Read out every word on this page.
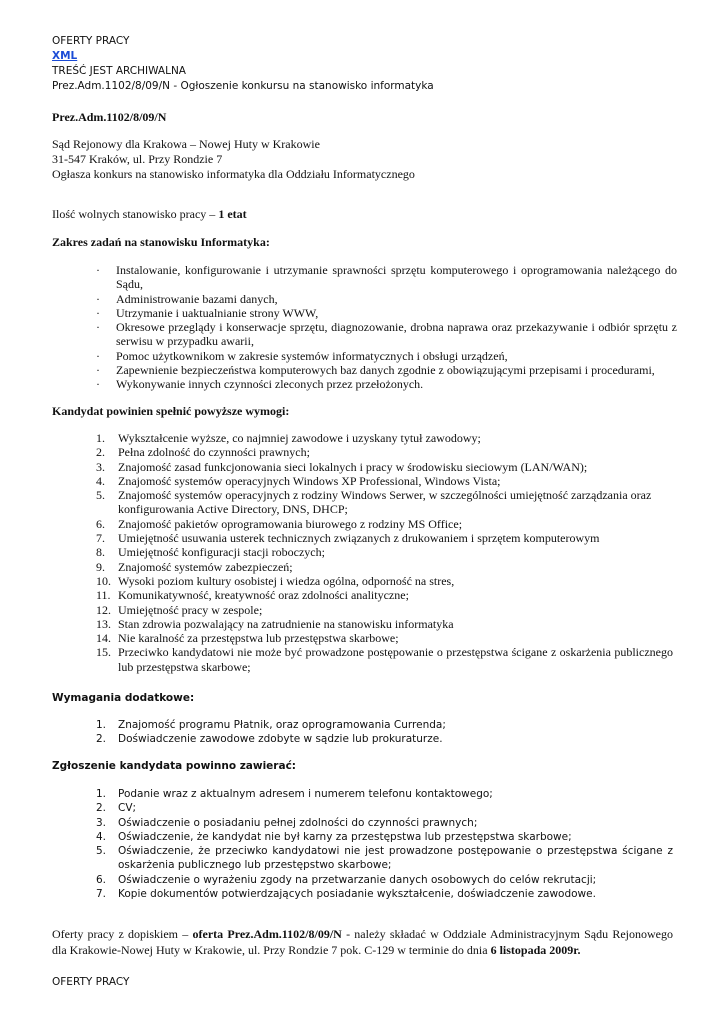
OFERTY PRACY

XML

TREŚĆ JEST ARCHIWALNA

Prez.Adm.1102/8/09/N - Ogłoszenie konkursu na stanowisko informatyka

Prez.Adm.1102/8/09/N
Sąd Rejonowy dla Krakowa – Nowej Huty w Krakowie
31-547 Kraków, ul. Przy Rondzie 7
Ogłasza konkurs na stanowisko informatyka dla Oddziału Informatycznego
Ilość wolnych stanowisko pracy – 1 etat
Zakres zadań na stanowisku Informatyka:
· Instalowanie, konfigurowanie i utrzymanie sprawności sprzętu komputerowego i oprogramowania należącego do Sądu,
· Administrowanie bazami danych,
· Utrzymanie i uaktualnianie strony WWW,
· Okresowe przeglądy i konserwacje sprzętu, diagnozowanie, drobna naprawa oraz przekazywanie i odbiór sprzętu z serwisu w przypadku awarii,
· Pomoc użytkownikom w zakresie systemów informatycznych i obsługi urządzeń,
· Zapewnienie bezpieczeństwa komputerowych baz danych zgodnie z obowiązującymi przepisami i procedurami,
· Wykonywanie innych czynności zleconych przez przełożonych.
Kandydat powinien spełnić powyższe wymogi:
1. Wykształcenie wyższe, co najmniej zawodowe i uzyskany tytuł zawodowy;
2. Pełna zdolność do czynności prawnych;
3. Znajomość zasad funkcjonowania sieci lokalnych i pracy w środowisku sieciowym (LAN/WAN);
4. Znajomość systemów operacyjnych Windows XP Professional, Windows Vista;
5. Znajomość systemów operacyjnych z rodziny Windows Serwer, w szczególności umiejętność zarządzania oraz konfigurowania Active Directory, DNS, DHCP;
6. Znajomość pakietów oprogramowania biurowego z rodziny MS Office;
7. Umiejętność usuwania usterek technicznych związanych z drukowaniem i sprzętem komputerowym
8. Umiejętność konfiguracji stacji roboczych;
9. Znajomość systemów zabezpieczeń;
10. Wysoki poziom kultury osobistej i wiedza ogólna, odporność na stres,
11. Komunikatywność, kreatywność oraz zdolności analityczne;
12. Umiejętność pracy w zespole;
13. Stan zdrowia pozwalający na zatrudnienie na stanowisku informatyka
14. Nie karalność za przestępstwa lub przestępstwa skarbowe;
15. Przeciwko kandydatowi nie może być prowadzone postępowanie o przestępstwa ścigane z oskarżenia publicznego lub przestępstwa skarbowe;
Wymagania dodatkowe:
1. Znajomość programu Płatnik, oraz oprogramowania Currenda;
2. Doświadczenie zawodowe zdobyte w sądzie lub prokuraturze.
Zgłoszenie kandydata powinno zawierać:
1. Podanie wraz z aktualnym adresem i numerem telefonu kontaktowego;
2. CV;
3. Oświadczenie o posiadaniu pełnej zdolności do czynności prawnych;
4. Oświadczenie, że kandydat nie był karny za przestępstwa lub przestępstwa skarbowe;
5. Oświadczenie, że przeciwko kandydatowi nie jest prowadzone postępowanie o przestępstwa ścigane z oskarżenia publicznego lub przestępstwo skarbowe;
6. Oświadczenie o wyrażeniu zgody na przetwarzanie danych osobowych do celów rekrutacji;
7. Kopie dokumentów potwierdzających posiadanie wykształcenie, doświadczenie zawodowe.
Oferty pracy z dopiskiem – oferta Prez.Adm.1102/8/09/N - należy składać w Oddziale Administracyjnym Sądu Rejonowego dla Krakowie-Nowej Huty w Krakowie, ul. Przy Rondzie 7 pok. C-129 w terminie do dnia 6 listopada 2009r.

OFERTY PRACY
